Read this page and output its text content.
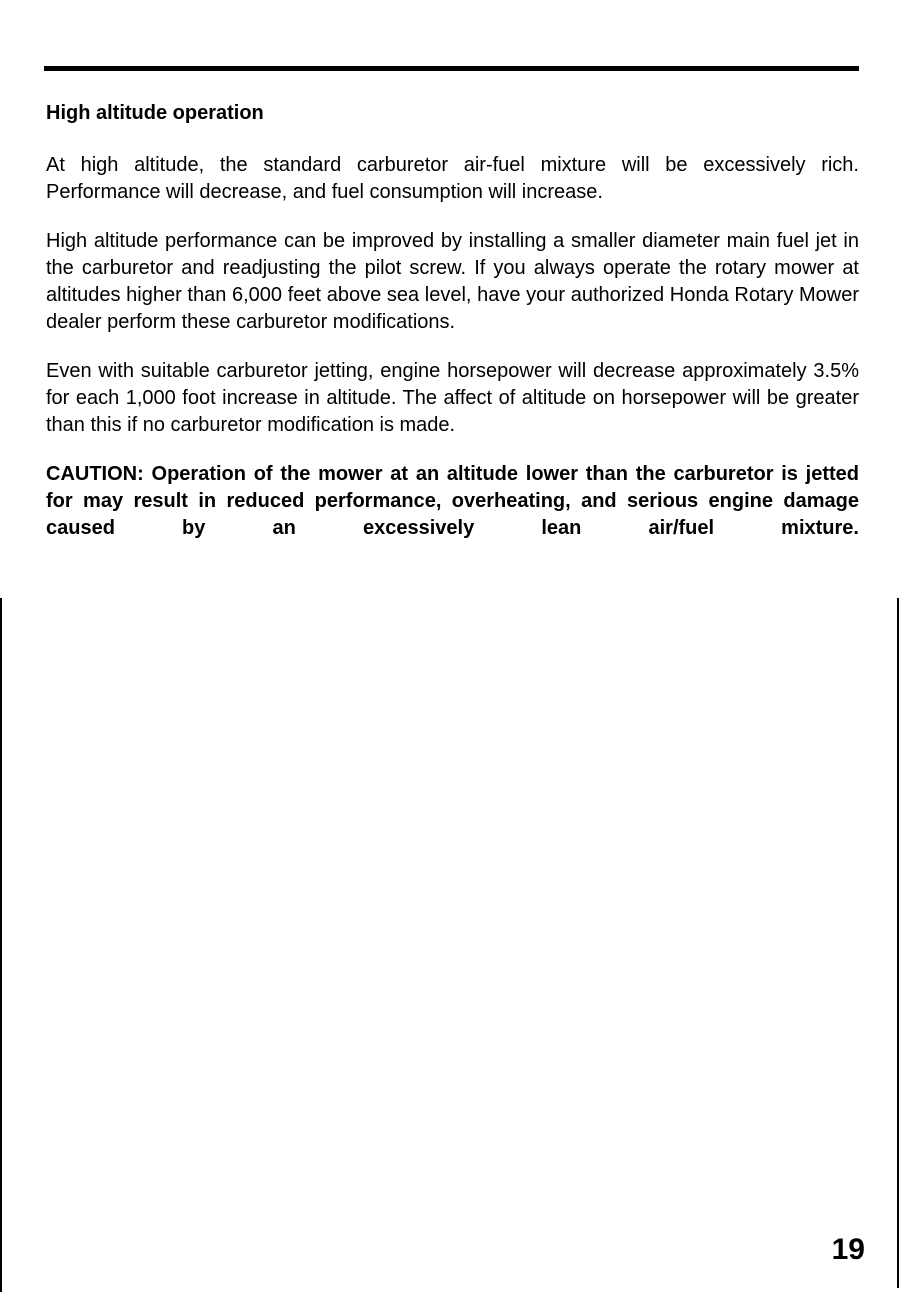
High altitude operation

At high altitude, the standard carburetor air-fuel mixture will be excessively rich. Performance will decrease, and fuel consumption will increase.

High altitude performance can be improved by installing a smaller diameter main fuel jet in the carburetor and readjusting the pilot screw. If you always operate the rotary mower at altitudes higher than 6,000 feet above sea level, have your authorized Honda Rotary Mower dealer perform these carburetor modifications.

Even with suitable carburetor jetting, engine horsepower will decrease approximately 3.5% for each 1,000 foot increase in altitude. The affect of altitude on horsepower will be greater than this if no carburetor modification is made.

CAUTION: Operation of the mower at an altitude lower than the carburetor is jetted for may result in reduced performance, overheating, and serious engine damage caused by an excessively lean air/fuel mixture.

19
